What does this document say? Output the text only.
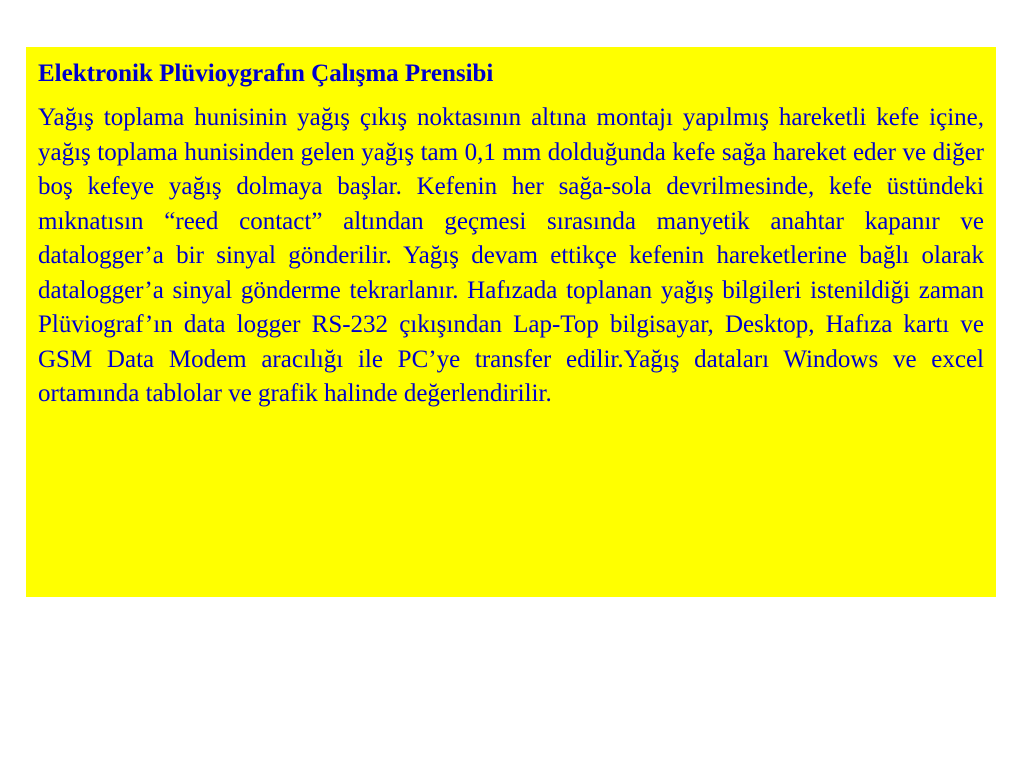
Elektronik Plüvioygrafın Çalışma Prensibi

Yağış toplama hunisinin yağış çıkış noktasının altına montajı yapılmış hareketli kefe içine, yağış toplama hunisinden gelen yağış tam 0,1 mm dolduğunda kefe sağa hareket eder ve diğer boş kefeye yağış dolmaya başlar. Kefenin her sağa-sola devrilmesinde, kefe üstündeki mıknatısın “reed contact” altından geçmesi sırasında manyetik anahtar kapanır ve datalogger’a bir sinyal gönderilir. Yağış devam ettikçe kefenin hareketlerine bağlı olarak datalogger’a sinyal gönderme tekrarlanır. Hafızada toplanan yağış bilgileri istenildiği zaman Plüviograf’ın data logger RS-232 çıkışından Lap-Top bilgisayar, Desktop, Hafıza kartı ve GSM Data Modem aracılığı ile PC’ye transfer edilir.Yağış dataları Windows ve excel ortamında tablolar ve grafik halinde değerlendirilir.
